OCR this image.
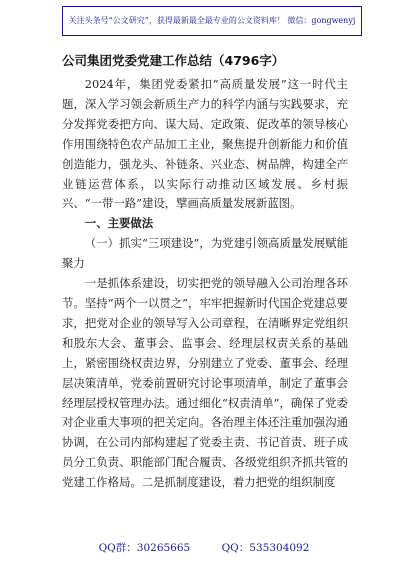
关注头条号“公文研究”，获得最新最全最专业的公文资料库！ 微信：gongwenyj
公司集团党委党建工作总结（4796字）

2024年，集团党委紧扣“高质量发展”这一时代主题，深入学习领会新质生产力的科学内涵与实践要求，充分发挥党委把方向、谋大局、定政策、促改革的领导核心作用围绕特色农产品加工主业，聚焦提升创新能力和价值创造能力，强龙头、补链条、兴业态、树品牌，构建全产业链运营体系，以实际行动推动区域发展、乡村振兴、“一带一路”建设，擘画高质量发展新蓝图。

一、主要做法

（一）抓实“三项建设”，为党建引领高质量发展赋能聚力

一是抓体系建设，切实把党的领导融入公司治理各环节。坚持“两个一以贯之”，牢牢把握新时代国企党建总要求，把党对企业的领导写入公司章程，在清晰界定党组织和股东大会、董事会、监事会、经理层权责关系的基础上，紧密围绕权责边界，分别建立了党委、董事会、经理层决策清单，党委前置研究讨论事项清单，制定了董事会经理层授权管理办法。通过细化“权责清单”，确保了党委对企业重大事项的把关定向。各治理主体还注重加强沟通协调，在公司内部构建起了党委主责、书记首责、班子成员分工负责、职能部门配合履责、各级党组织齐抓共管的党建工作格局。二是抓制度建设，着力把党的组织制度

QQ群：30265665	QQ：535304092
